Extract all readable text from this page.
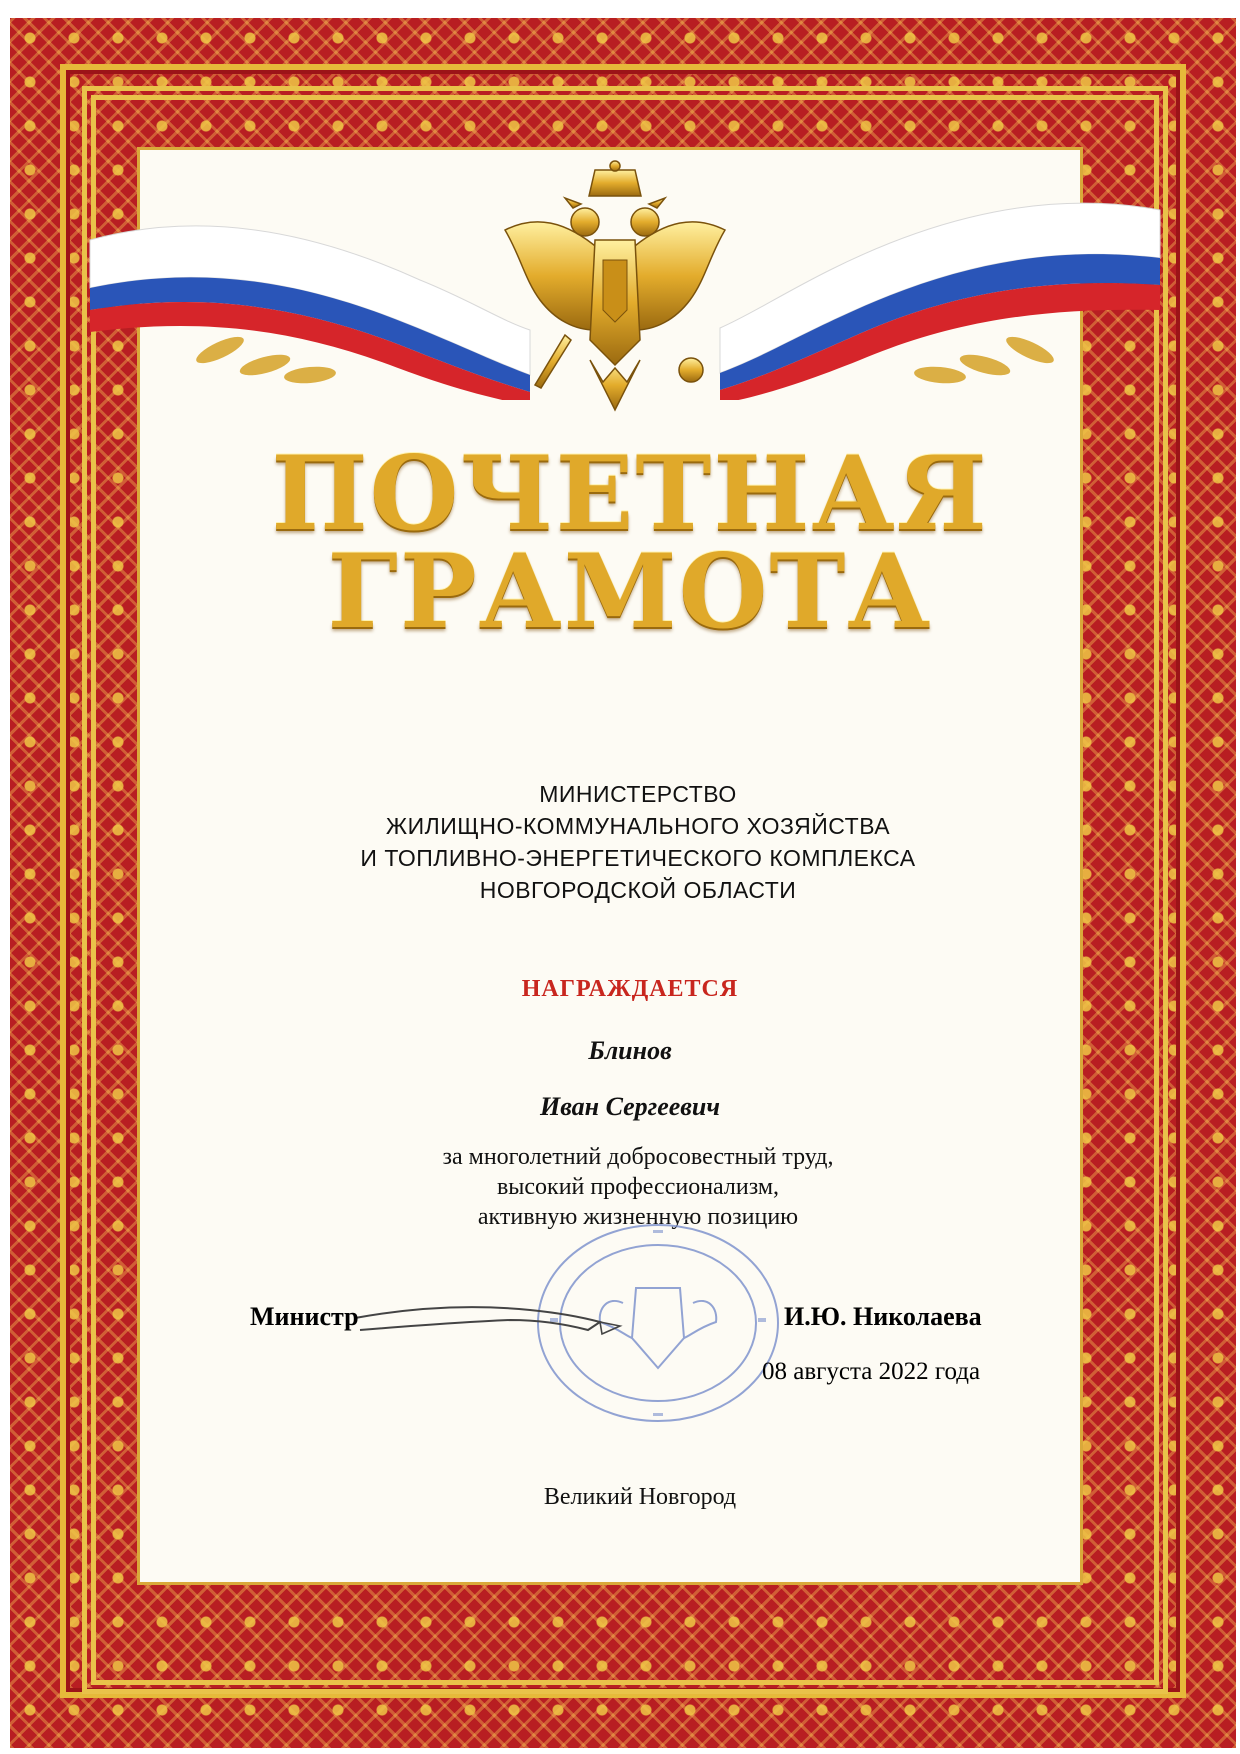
ПОЧЕТНАЯ
ГРАМОТА
МИНИСТЕРСТВО
ЖИЛИЩНО-КОММУНАЛЬНОГО ХОЗЯЙСТВА
И ТОПЛИВНО-ЭНЕРГЕТИЧЕСКОГО КОМПЛЕКСА
НОВГОРОДСКОЙ ОБЛАСТИ
НАГРАЖДАЕТСЯ
Блинов
Иван Сергеевич
за многолетний добросовестный труд,
высокий профессионализм,
активную жизненную позицию
Министр	И.Ю. Николаева
08 августа 2022 года
Великий Новгород
